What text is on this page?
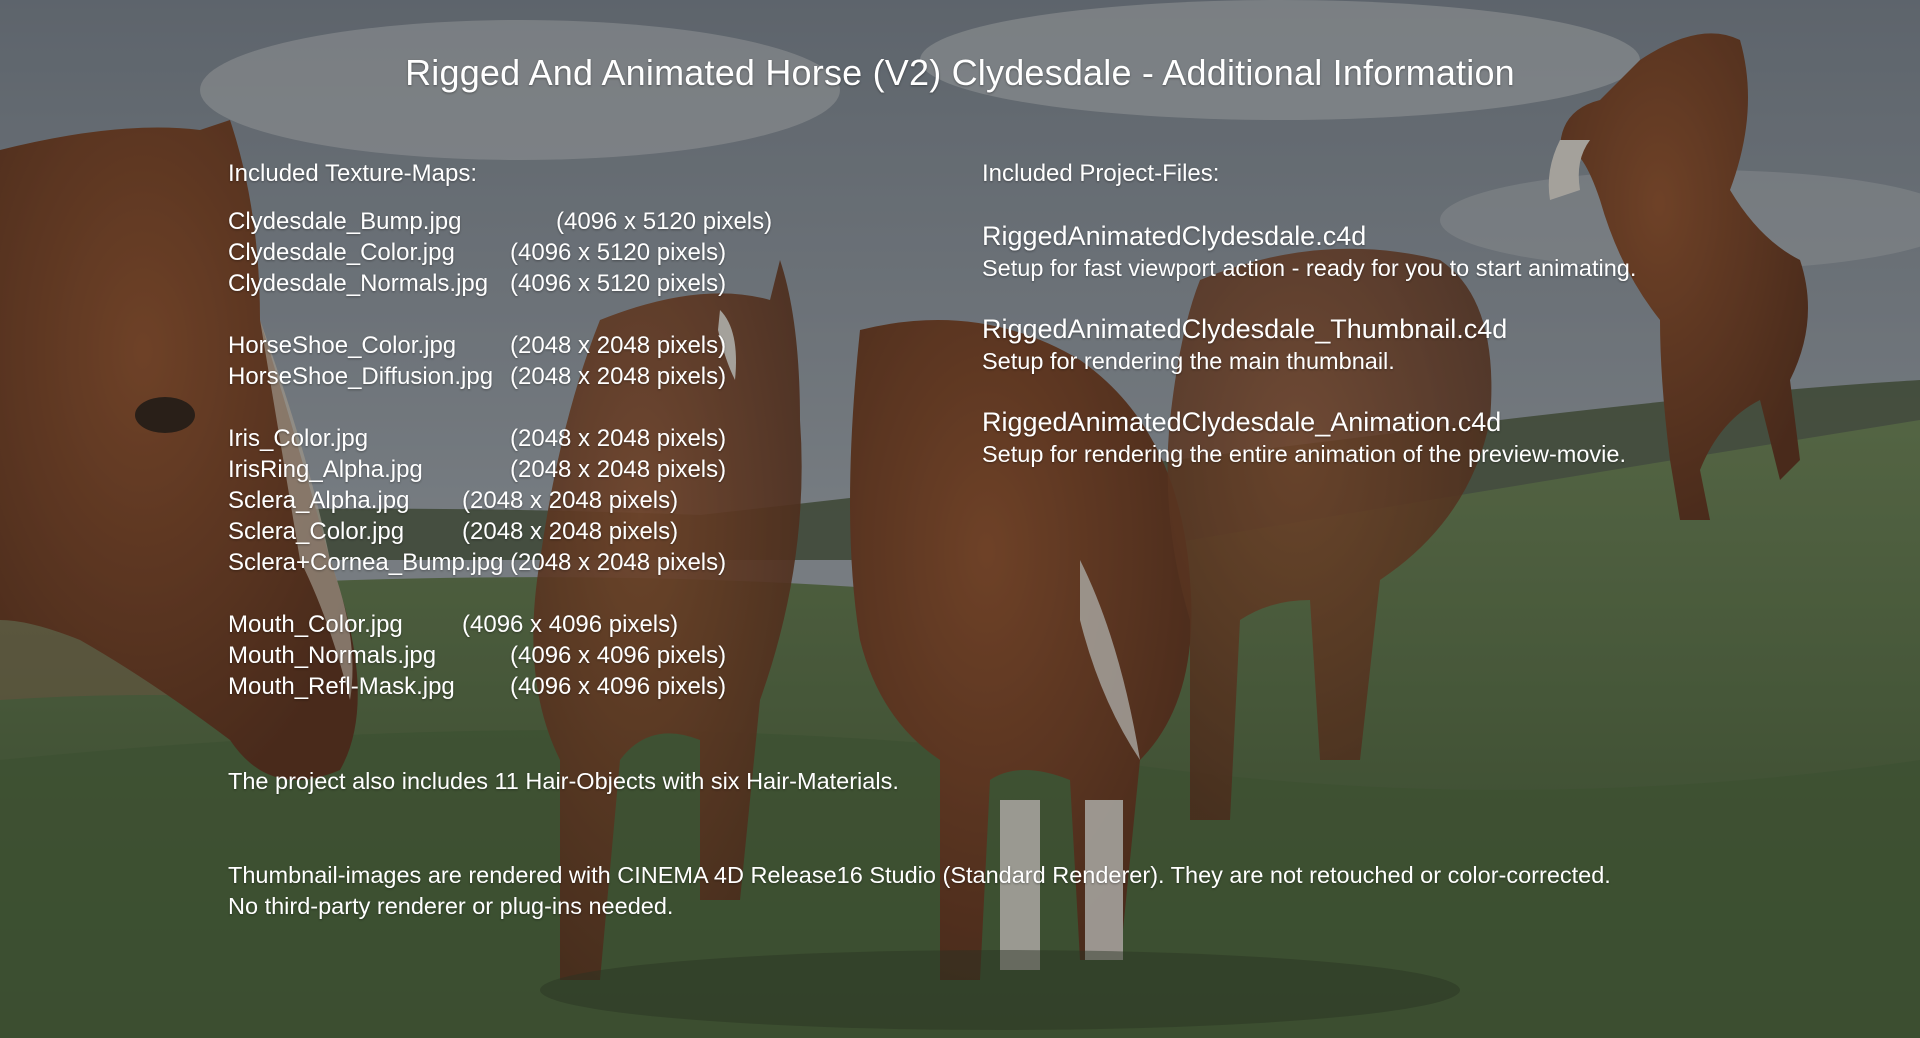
Rigged And Animated Horse (V2) Clydesdale - Additional Information
Included Texture-Maps:
Clydesdale_Bump.jpg	(4096 x 5120 pixels)
Clydesdale_Color.jpg (4096 x 5120 pixels)
Clydesdale_Normals.jpg (4096 x 5120 pixels)
HorseShoe_Color.jpg (2048 x 2048 pixels)
HorseShoe_Diffusion.jpg (2048 x 2048 pixels)
Iris_Color.jpg	(2048 x 2048 pixels)
IrisRing_Alpha.jpg	(2048 x 2048 pixels)
Sclera_Alpha.jpg (2048 x 2048 pixels)
Sclera_Color.jpg (2048 x 2048 pixels)
Sclera+Cornea_Bump.jpg (2048 x 2048 pixels)
Mouth_Color.jpg (4096 x 4096 pixels)
Mouth_Normals.jpg	(4096 x 4096 pixels)
Mouth_Refl-Mask.jpg (4096 x 4096 pixels)
Included Project-Files:
RiggedAnimatedClydesdale.c4d
Setup for fast viewport action - ready for you to start animating.
RiggedAnimatedClydesdale_Thumbnail.c4d
Setup for rendering the main thumbnail.
RiggedAnimatedClydesdale_Animation.c4d
Setup for rendering the entire animation of the preview-movie.
The project also includes 11 Hair-Objects with six Hair-Materials.
Thumbnail-images are rendered with CINEMA 4D Release16 Studio (Standard Renderer). They are not retouched or color-corrected.
No third-party renderer or plug-ins needed.
